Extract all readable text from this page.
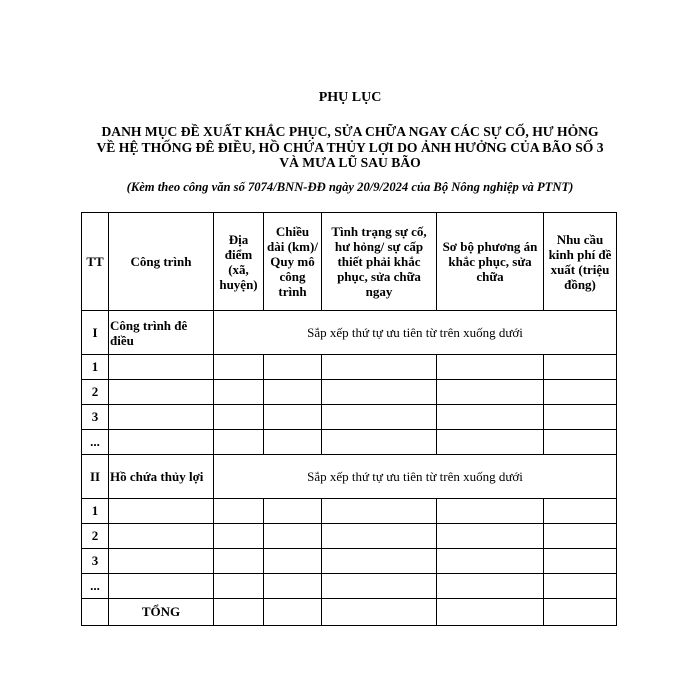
PHỤ LỤC
DANH MỤC ĐỀ XUẤT KHẮC PHỤC, SỬA CHỮA NGAY CÁC SỰ CỐ, HƯ HỎNG
VỀ HỆ THỐNG ĐÊ ĐIỀU, HỒ CHỨA THỦY LỢI DO ẢNH HƯỞNG CỦA BÃO SỐ 3
VÀ MƯA LŨ SAU BÃO
(Kèm theo công văn số 7074/BNN-ĐĐ ngày 20/9/2024 của Bộ Nông nghiệp và PTNT)
TT	Công trình	Địa điểm (xã, huyện)	Chiều dài (km)/ Quy mô công trình	Tình trạng sự cố, hư hỏng/ sự cấp thiết phải khắc phục, sửa chữa ngay	Sơ bộ phương án khắc phục, sửa chữa	Nhu cầu kinh phí đề xuất (triệu đồng)
I	Công trình đê điều	Sắp xếp thứ tự ưu tiên từ trên xuống dưới				
1						
2						
3						
...						
II	Hồ chứa thủy lợi	Sắp xếp thứ tự ưu tiên từ trên xuống dưới				
1						
2						
3						
...						
	TỔNG					
